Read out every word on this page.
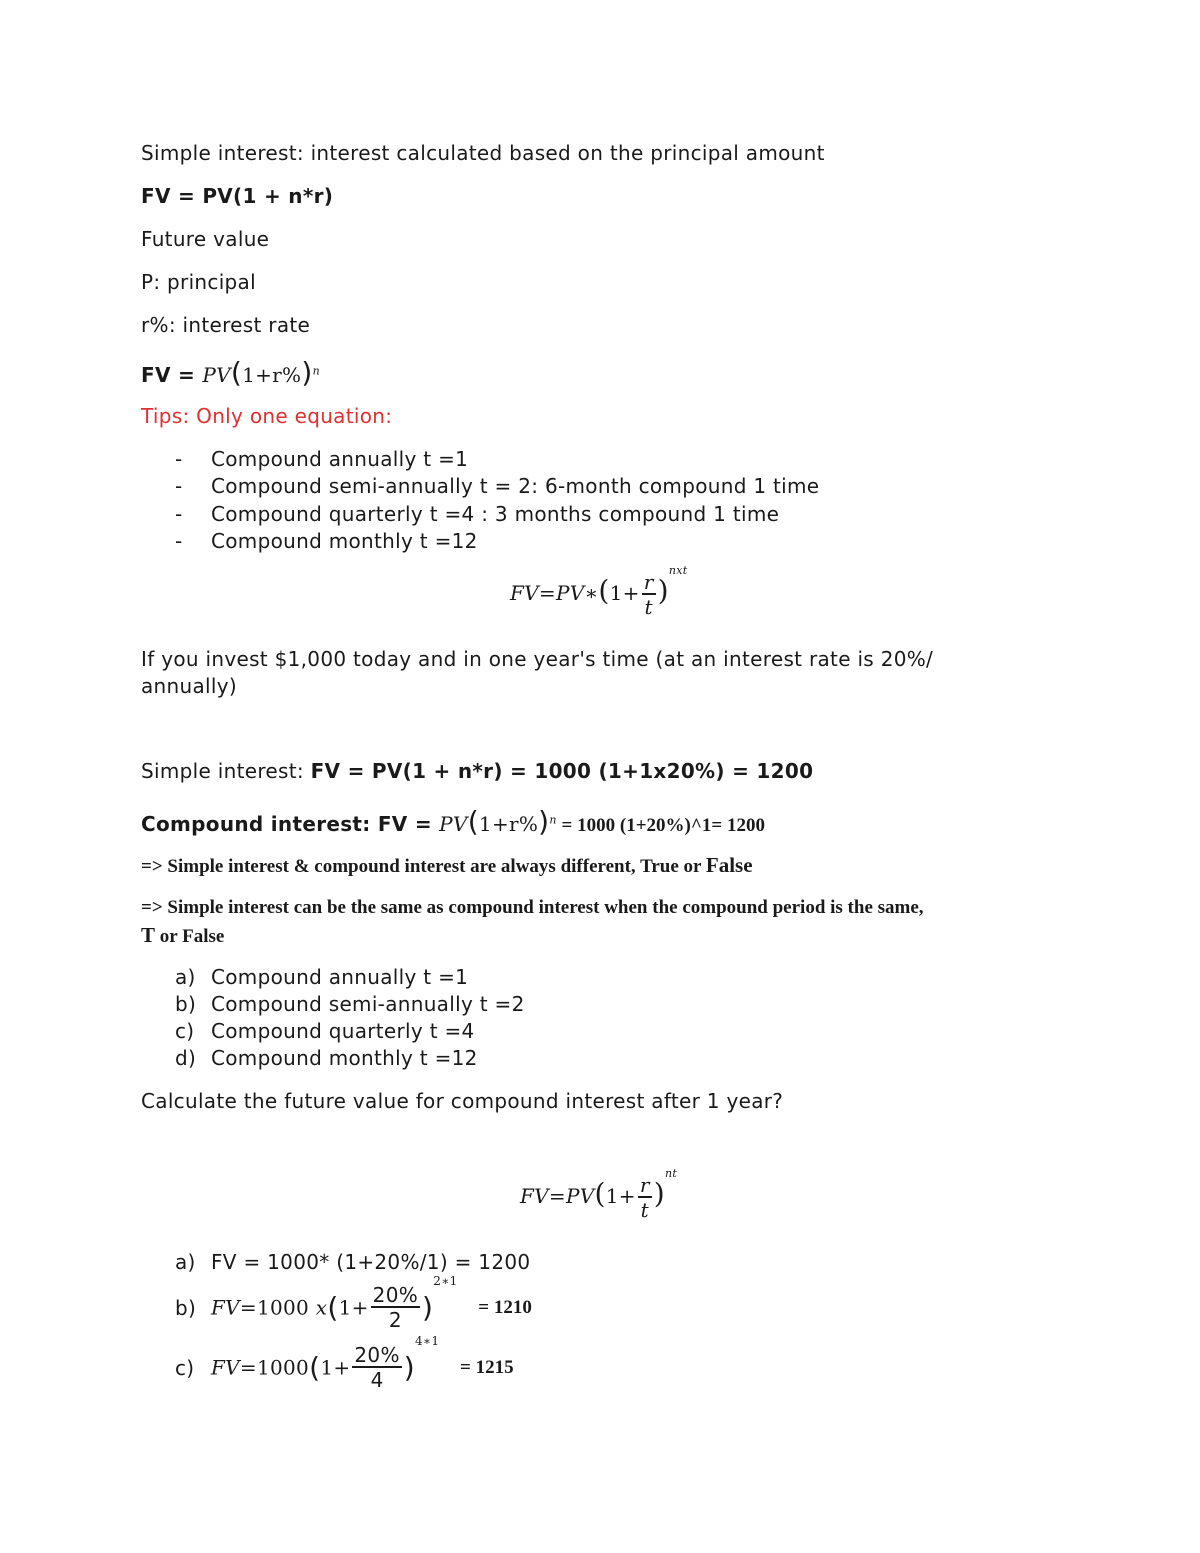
Simple interest: interest calculated based on the principal amount
FV = PV(1 + n*r)
Future value
P: principal
r%: interest rate
FV = $PV(1+r\%)^n$
Tips: Only one equation:
- Compound annually t =1
- Compound semi-annually t = 2: 6-month compound 1 time
- Compound quarterly t =4 : 3 months compound 1 time
- Compound monthly t =12
FV=PV∗(1+ $\frac{r}{t} )^{nxt}$
If you invest $1,000 today and in one year's time (at an interest rate is 20%/
annually)
Simple interest: FV = PV(1 + n*r) = 1000 (1+1x20%) = 1200
Compound interest: FV = $PV(1+r\%)^n = 1000$ (1+20%)^1= 1200
=> Simple interest & compound interest are always different, True or False
=> Simple interest can be the same as compound interest when the compound period is the same,
T or False
a) Compound annually t =1
b) Compound semi-annually t =2
c) Compound quarterly t =4
d) Compound monthly t =12
Calculate the future value for compound interest after 1 year?
$FV=PV(1+ \frac{r}{t} )^{nt}$
a) FV = 1000* (1+20%/1) = 1200
b) FV=1000 $x(1+ \frac{20\%}{2} )^{2∗1} = 1210$
c) $FV=1000(1+ \frac{20\%}{4} )^{4∗1} = 1215$
